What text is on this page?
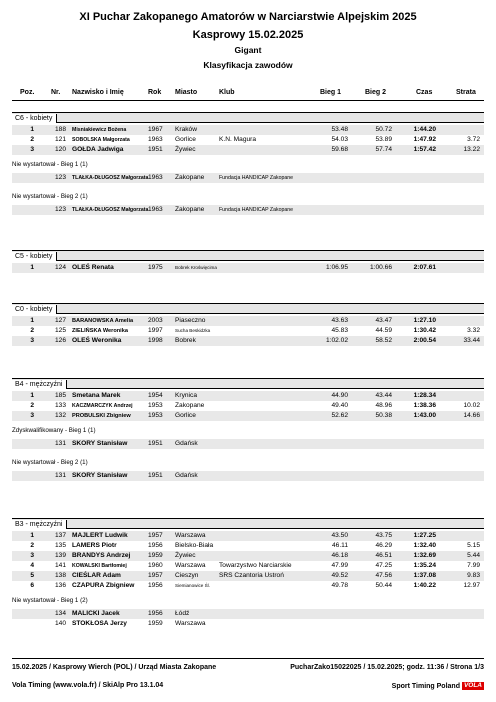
XI Puchar Zakopanego Amatorów w Narciarstwie Alpejskim 2025
Kasprowy 15.02.2025
Gigant
Klasyfikacja zawodów
Poz. Nr. Nazwisko i Imię	Rok Miasto	Klub	Bieg 1	Bieg 2	Czas	Strata
C6 - kobiety
1	188 Misniakiewicz Bożena	1967 Kraków	53.48	50.72	1:44.20
2	121 SOBOLSKA Małgorzata	1963 Gorlice	K.N. Magura	54.03	53.89	1:47.92	3.72
3	120 GOŁDA Jadwiga	1951 Żywiec	59.68	57.74	1:57.42	13.22
Nie wystartował - Bieg 1 (1)
123 TLAŁKA-DŁUGOSZ Małgorzata 1963 Zakopane	Fundacja HANDICAP Zakopane
Nie wystartował - Bieg 2 (1)
123 TLAŁKA-DŁUGOSZ Małgorzata 1963 Zakopane	Fundacja HANDICAP Zakopane
C5 - kobiety
1	124 OLEŚ Renata	1975	Bobrek Kroświęcima	1:06.95	1:00.66	2:07.61
C0 - kobiety
1	127 BARANOWSKA Amelia 2003 Piaseczno	43.63	43.47	1:27.10
2	125 ZIELIŃSKA Weronika	1997	Sucha Beskidzka	45.83	44.59	1:30.42	3.32
3	126 OLEŚ Weronika	1998 Bobrek	1:02.02	58.52	2:00.54	33.44
B4 - mężczyźni
1	185 Smetana Marek	1954 Krynica	44.90	43.44	1:28.34
2	133 KACZMARCZYK Andrzej 1953 Zakopane	49.40	48.96	1:38.36	10.02
3	132 PROBULSKI Zbigniew	1953 Gorlice	52.62	50.38	1:43.00	14.66
Zdyskwalifikowany - Bieg 1 (1)
131 SKORY Stanisław	1951 Gdańsk
Nie wystartował - Bieg 2 (1)
131 SKORY Stanisław	1951 Gdańsk
B3 - mężczyźni
1	137 MAJLERT Ludwik	1957 Warszawa	43.50	43.75	1:27.25
2	135 LAMERS Piotr	1956 Bielsko-Biała	46.11	46.29	1:32.40	5.15
3	139 BRANDYS Andrzej	1959 Żywiec	46.18	46.51	1:32.69	5.44
4	141 KOWALSKI Bartłomiej	1960 Warszawa Towarzystwo Narciarskie	47.99	47.25	1:35.24	7.99
5	138 CIEŚLAR Adam	1957 Cieszyn	SRS Czantoria Ustroń	49.52	47.56	1:37.08	9.83
6	136 CZAPURA Zbigniew 1956	Siemianowice Śl.	49.78	50.44	1:40.22	12.97
Nie wystartował - Bieg 1 (2)
134 MALICKI Jacek	1956 Łódź
140 STOKŁOSA Jerzy	1959 Warszawa
15.02.2025 / Kasprowy Wierch (POL) / Urząd Miasta Zakopane	PucharZako15022025 / 15.02.2025; godz. 11:36 / Strona 1/3
Vola Timing (www.vola.fr) / SkiAlp Pro 13.1.04	Sport Timing Poland VOLA
